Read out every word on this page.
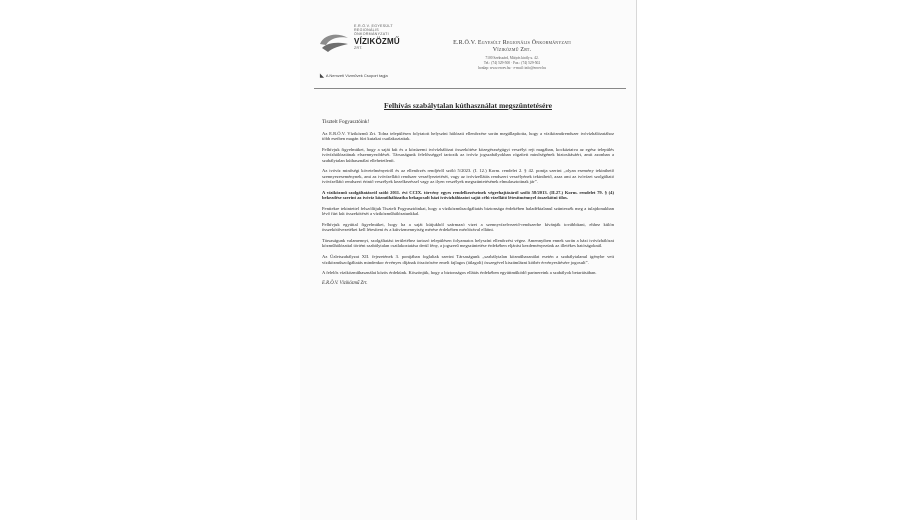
E.R.Ö.V. EGYESÜLT
REGIONÁLIS
ÖNKORMÁNYZATI
VÍZIKÖZMŰ
ZRT.
◣ A Nemzeti Vízművek Csoport tagja
E.R.Ö.V. Egyesült Regionális Önkormányzati
Víziközmű Zrt.
7100 Szekszárd, Mátyás király u. 42.
Tel.: (74) 529-500 · Fax.: (74) 529-502
honlap: www.eroev.hu · e-mail: info@eroev.hu
Felhívás szabálytalan kúthasználat megszüntetésére
Tisztelt Fogyasztóink!

Az E.R.Ö.V. Víziközmű Zrt. Tolna településen folytatott helyszíni hálózati ellenőrzése során megállapította, hogy a víziközműrendszer ivóvízhálózatához több esetben magán fúrt kutakat csatlakoztattak.

Felhívjuk figyelmüket, hogy a saját kút és a közüzemi ivóvízhálózat összekötése közegészségügyi veszélyt rejt magában, kockáztatva az egész település ivóvízhálózatának elszennyeződését. Társaságunk felelősséggel tartozik az ivóvíz jogszabályokban rögzített minőségének biztosításáért, amit azonban a szabálytalan kúthasználat ellehetetlenít.

Az ivóvíz minőségi követelményeiről és az ellenőrzés rendjéről szóló 5/2023. (I. 12.) Korm. rendelet 2. § 42. pontja szerint „olyan esemény tekinthető szennyezeseménynek, ami az ivóvízellátó rendszer veszélyeztetését, vagy az ivóvízellátás rendszeri veszélyének tekinthető, azaz ami az ivóvízet szolgáltató ivóvízellátó rendszeri érintő veszélyek kezelkezéssel vagy az ilyen veszélyek megszüntetésének elmulasztottnak jár”.

A víziközmű szolgáltatásról szóló 2011. évi CCIX. törvény egyes rendelkezéseinek végrehajtásáról szóló 58/2013. (II.27.) Korm. rendelet 79. § (4) bekezdése szerint az ivóvíz közműhálózatba bekapcsolt házi ivóvízhálózatot saját célú vízellátó létesítménnyel összekötni tilos.

Fentiekre tekintettel felszólítjuk Tisztelt Fogyasztóinkat, hogy a víziközműszolgáltatás biztonsága érdekében haladéktalanul szüntessék meg a tulajdonukban lévő fúrt kút összekötését a víziközműhálózatunkkal.

Felhívjuk egyúttal figyelmüket, hogy ha a saját kútjukból származó vizet a szennyvízelvezető-rendszerbe kívánják továbbítani, ehhez külön összekötővezetéket kell létesíteni és a kútvízmennyiség mérése érdekében mérőórával ellátni.

Társaságunk valamennyi, szolgáltatási területéhez tartozó településen folyamatos helyszíni ellenőrzést végez. Amennyiben ennek során a házi ivóvízhálózat közműhálózattal történt szabálytalan csatlakoztatása derül fény, a jogszerű megszüntetése érdekében eljárást kezdeményezünk az illetékes hatóságoknál.

Az Üzletszabályzat XII. fejezetének 3. pontjában foglaltak szerint Társaságunk „szabálytalan közműhasználat esetén a szabálytalanul igénybe vett víziközműszolgáltatás mindenkor érvényes díjának ötszörösére emelt fajlagos (átlagolt) összegével kiszámlázni kötbér érvényesítésére jogosult”.

A felelős víziközműhasználat közös érdekünk. Köszönjük, hogy a biztonságos ellátás érdekében együttműködő partnereink a szabályok betartásában.

E.R.Ö.V. Víziközmű Zrt.
